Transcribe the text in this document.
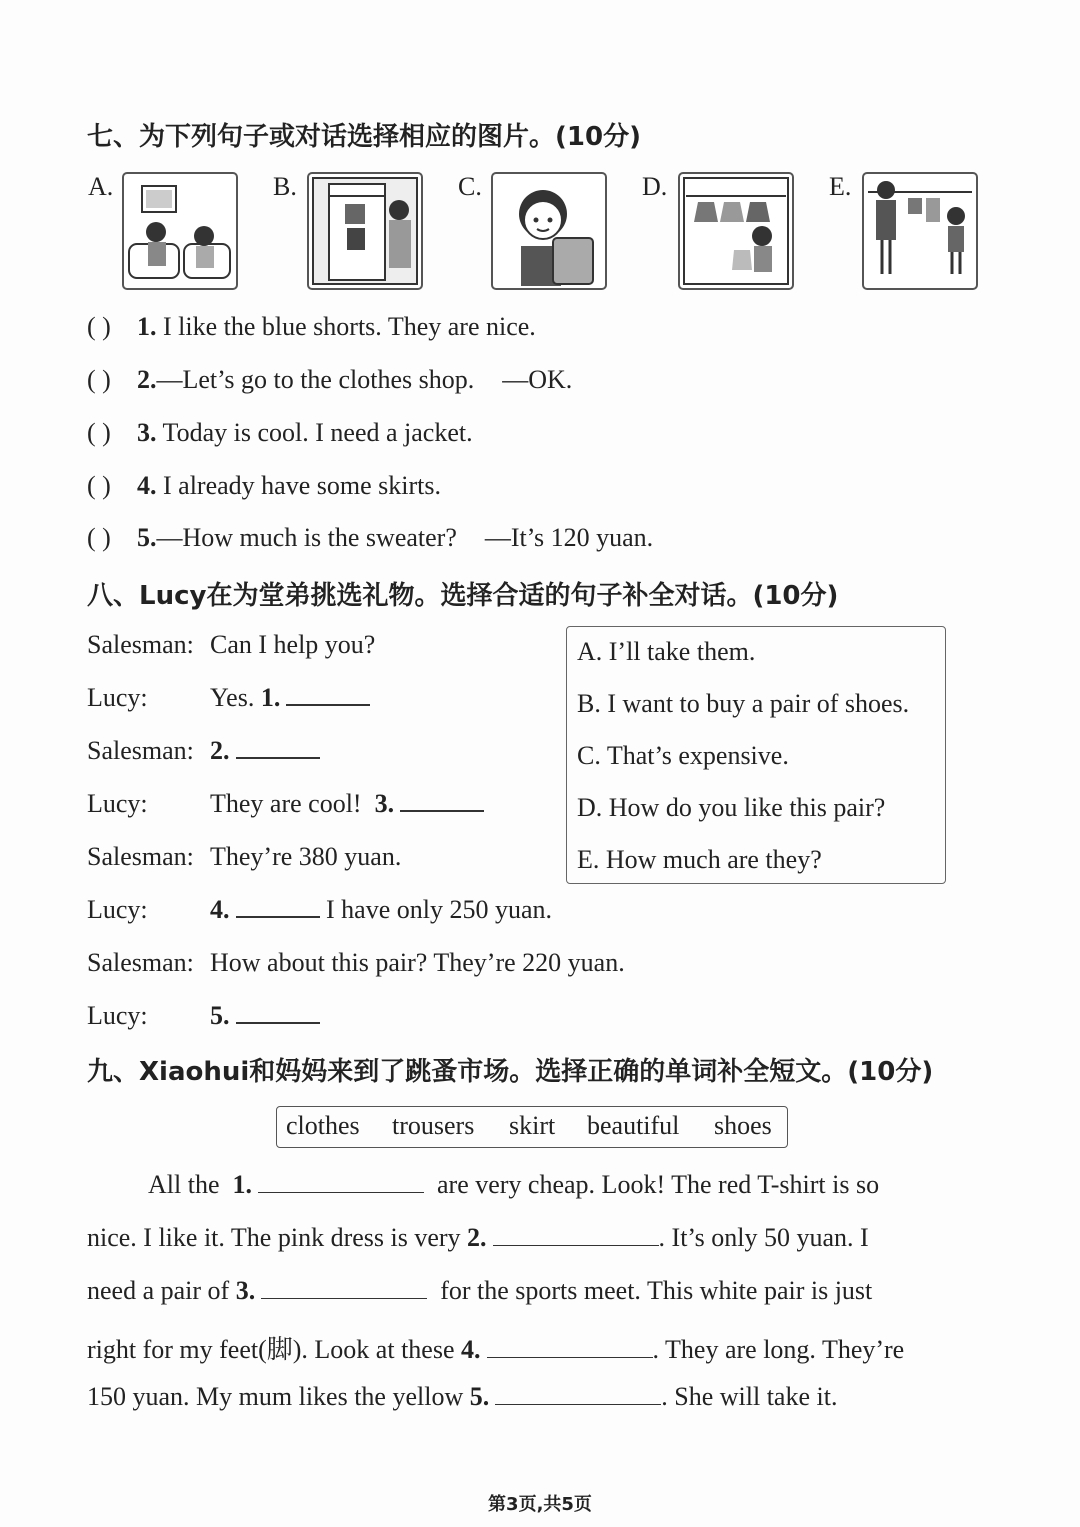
七、为下列句子或对话选择相应的图片。(10分)
A.	B.	C.	D.	E.
( ) 1. I like the blue shorts. They are nice.
( ) 2.—Let’s go to the clothes shop. —OK.
( ) 3. Today is cool. I need a jacket.
( ) 4. I already have some skirts.
( ) 5.—How much is the sweater? —It’s 120 yuan.
八、Lucy在为堂弟挑选礼物。选择合适的句子补全对话。(10分)
Salesman: Can I help you?
Lucy: Yes. 1.
Salesman: 2.
Lucy: They are cool! 3.
Salesman: They’re 380 yuan.
Lucy: 4.	I have only 250 yuan.
Salesman: How about this pair? They’re 220 yuan.
Lucy: 5.
A. I’ll take them.
B. I want to buy a pair of shoes.
C. That’s expensive.
D. How do you like this pair?
E. How much are they?
九、Xiaohui和妈妈来到了跳蚤市场。选择正确的单词补全短文。(10分)
clothes trousers skirt beautiful shoes
All the 1.	are very cheap. Look! The red T-shirt is so
nice. I like it. The pink dress is very 2.	. It’s only 50 yuan. I
need a pair of 3.	for the sports meet. This white pair is just
right for my feet(脚). Look at these 4.	. They are long. They’re
150 yuan. My mum likes the yellow 5.	. She will take it.
第3页,共5页
